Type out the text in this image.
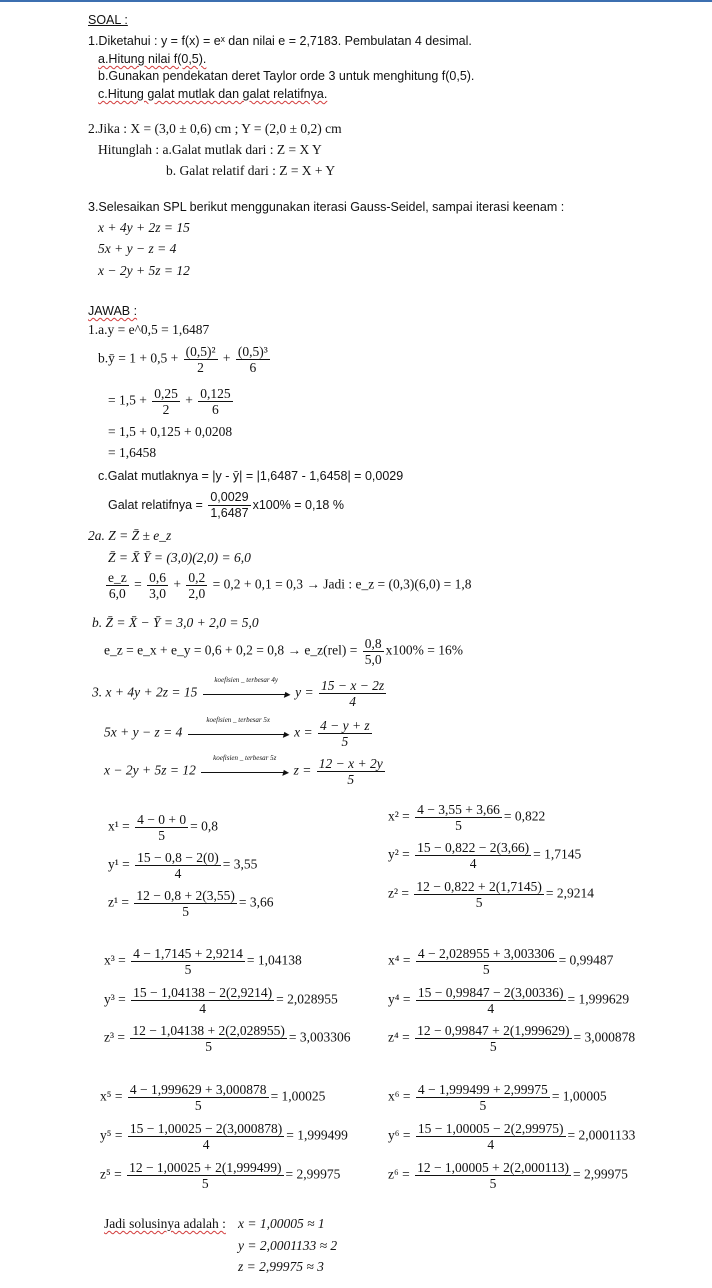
SOAL :
1.Diketahui : y = f(x) = eˣ dan nilai e = 2,7183. Pembulatan 4 desimal.
a.Hitung nilai f(0,5).
b.Gunakan pendekatan deret Taylor orde 3 untuk menghitung f(0,5).
c.Hitung galat mutlak dan galat relatifnya.
2.Jika : X = (3,0 ± 0,6) cm ; Y = (2,0 ± 0,2) cm
Hitunglah : a.Galat mutlak dari : Z = X Y
b. Galat relatif dari : Z = X + Y
3.Selesaikan SPL berikut menggunakan iterasi Gauss-Seidel, sampai iterasi keenam :
x + 4y + 2z = 15
5x + y − z = 4
x − 2y + 5z = 12
JAWAB :
1.a.y = e^0,5 = 1,6487
b.ȳ = $1 + 0,5 + \frac{\text{(0,5)²}}{2} + \frac{\text{(0,5)³}}{6}$
= $1,5 + \frac{0,25}{2} + \frac{0,125}{6}$
= 1,5 + 0,125 + 0,0208
= 1,6458
c.Galat mutlaknya = |y - ȳ| = |1,6487 - 1,6458| = 0,0029
Galat relatifnya = $\frac{0,0029}{1,6487} x100\% = 0,18$ %
2a. Z = Z̄ ± e_z
Z̄ = X̄ Ȳ = (3,0)(2,0) = 6,0
$\frac{e\_z}{6,0} = \frac{0,6}{3,0} + \frac{0,2}{2,0} = 0,2 + 0,1 = 0,3$ → Jadi : e_z = (0,3)(6,0) = 1,8
b. Z̄ = X̄ − Ȳ = 3,0 + 2,0 = 5,0
e_z = e_x + e_y = 0,6 + 0,2 = 0,8 → e_z(rel) = $\frac{0,8}{5,0} x100\% = 16\%$
3. x + 4y + 2z = 15
koefisien _ terbesar 4y
▸ $y = \frac{15 - x - 2z}{4}$
5x + y − z = 4
koefisien _ terbesar 5x
▸ $x = \frac{4 - y + z}{5}$
x − 2y + 5z = 12
koefisien _ terbesar 5z
▸ $z = \frac{12 - x + 2y}{5}$
$x^1 = \frac{4 - 0 + 0}{5} = 0,8$
$y^1 = \frac{15 - 0,8 - 2(0)}{4} = 3,55$
$z^1 = \frac{12 - 0,8 + 2(3,55)}{5} = 3,66$
$x^3 = \frac{4 - 1,7145 + 2,9214}{5} = 1,04138$
$y^3 = \frac{15 - 1,04138 - 2(2,9214)}{4} = 2,028955$
$z^3 = \frac{12 - 1,04138 + 2(2,028955)}{5} = 3,003306$
$x^5 = \frac{4 - 1,999629 + 3,000878}{5} = 1,00025$
$y^5 = \frac{15 - 1,00025 - 2(3,000878)}{4} = 1,999499$
$z^5 = \frac{12 - 1,00025 + 2(1,999499)}{5} = 2,99975$
$x^2 = \frac{4 - 3,55 + 3,66}{5} = 0,822$
$y^2 = \frac{15 - 0,822 - 2(3,66)}{4} = 1,7145$
$z^2 = \frac{12 - 0,822 + 2(1,7145)}{5} = 2,9214$
$x^4 = \frac{4 - 2,028955 + 3,003306}{5} = 0,99487$
$y^4 = \frac{15 - 0,99847 - 2(3,00336)}{4} = 1,999629$
$z^4 = \frac{12 - 0,99847 + 2(1,999629)}{5} = 3,000878$
$x^6 = \frac{4 - 1,999499 + 2,99975}{5} = 1,00005$
$y^6 = \frac{15 - 1,00005 - 2(2,99975)}{4} = 2,0001133$
$z^6 = \frac{12 - 1,00005 + 2(2,000113)}{5} = 2,99975$
Jadi solusinya adalah : x = 1,00005 ≈ 1
y = 2,0001133 ≈ 2
z = 2,99975 ≈ 3
